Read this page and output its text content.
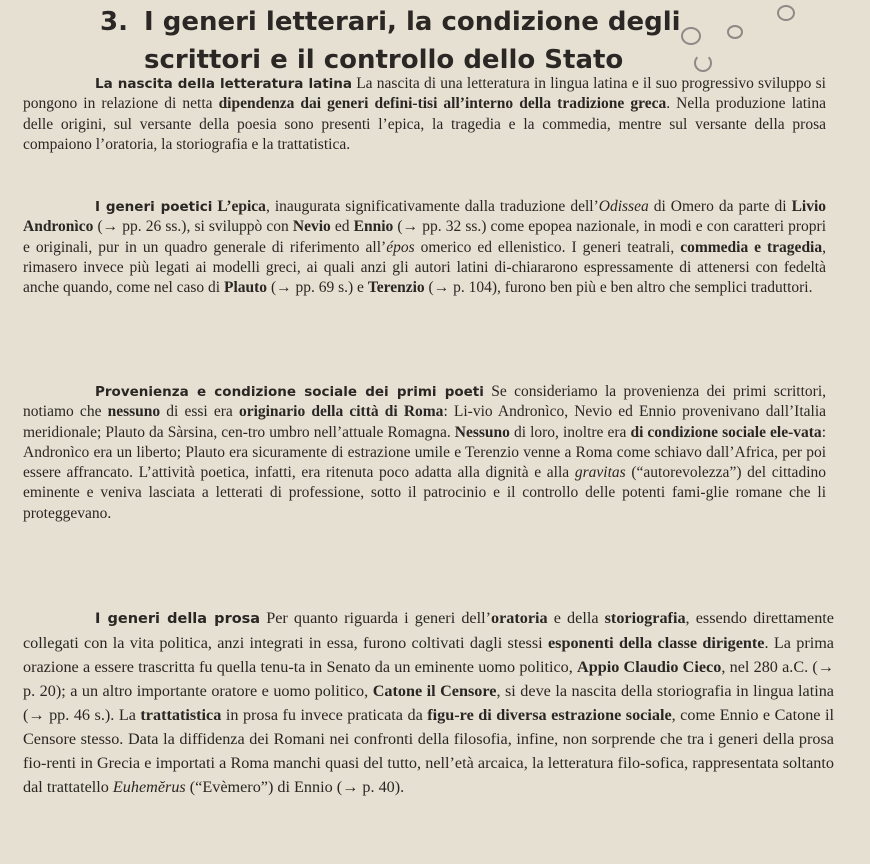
3. I generi letterari, la condizione degli
scrittori e il controllo dello Stato
La nascita della letteratura latina La nascita di una letteratura in lingua latina e il suo progressivo sviluppo si pongono in relazione di netta dipendenza dai generi defini-tisi all’interno della tradizione greca. Nella produzione latina delle origini, sul versante della poesia sono presenti l’epica, la tragedia e la commedia, mentre sul versante della prosa compaiono l’oratoria, la storiografia e la trattatistica.
I generi poetici L’epica, inaugurata significativamente dalla traduzione dell’Odissea di Omero da parte di Livio Andronìco (→ pp. 26 ss.), si sviluppò con Nevio ed Ennio (→ pp. 32 ss.) come epopea nazionale, in modi e con caratteri propri e originali, pur in un quadro generale di riferimento all’épos omerico ed ellenistico. I generi teatrali, commedia e tragedia, rimasero invece più legati ai modelli greci, ai quali anzi gli autori latini di-chiararono espressamente di attenersi con fedeltà anche quando, come nel caso di Plauto (→ pp. 69 s.) e Terenzio (→ p. 104), furono ben più e ben altro che semplici traduttori.
Provenienza e condizione sociale dei primi poeti Se consideriamo la provenienza dei primi scrittori, notiamo che nessuno di essi era originario della città di Roma: Li-vio Andronìco, Nevio ed Ennio provenivano dall’Italia meridionale; Plauto da Sàrsina, cen-tro umbro nell’attuale Romagna. Nessuno di loro, inoltre era di condizione sociale ele-vata: Andronìco era un liberto; Plauto era sicuramente di estrazione umile e Terenzio venne a Roma come schiavo dall’Africa, per poi essere affrancato. L’attività poetica, infatti, era ritenuta poco adatta alla dignità e alla gravitas (“autorevolezza”) del cittadino eminente e veniva lasciata a letterati di professione, sotto il patrocinio e il controllo delle potenti fami-glie romane che li proteggevano.
I generi della prosa Per quanto riguarda i generi dell’oratoria e della storiografia, essendo direttamente collegati con la vita politica, anzi integrati in essa, furono coltivati dagli stessi esponenti della classe dirigente. La prima orazione a essere trascritta fu quella tenu-ta in Senato da un eminente uomo politico, Appio Claudio Cieco, nel 280 a.C. (→ p. 20); a un altro importante oratore e uomo politico, Catone il Censore, si deve la nascita della storiografia in lingua latina (→ pp. 46 s.). La trattatistica in prosa fu invece praticata da figu-re di diversa estrazione sociale, come Ennio e Catone il Censore stesso. Data la diffidenza dei Romani nei confronti della filosofia, infine, non sorprende che tra i generi della prosa fio-renti in Grecia e importati a Roma manchi quasi del tutto, nell’età arcaica, la letteratura filo-sofica, rappresentata soltanto dal trattatello Euhemĕrus (“Evèmero”) di Ennio (→ p. 40).
